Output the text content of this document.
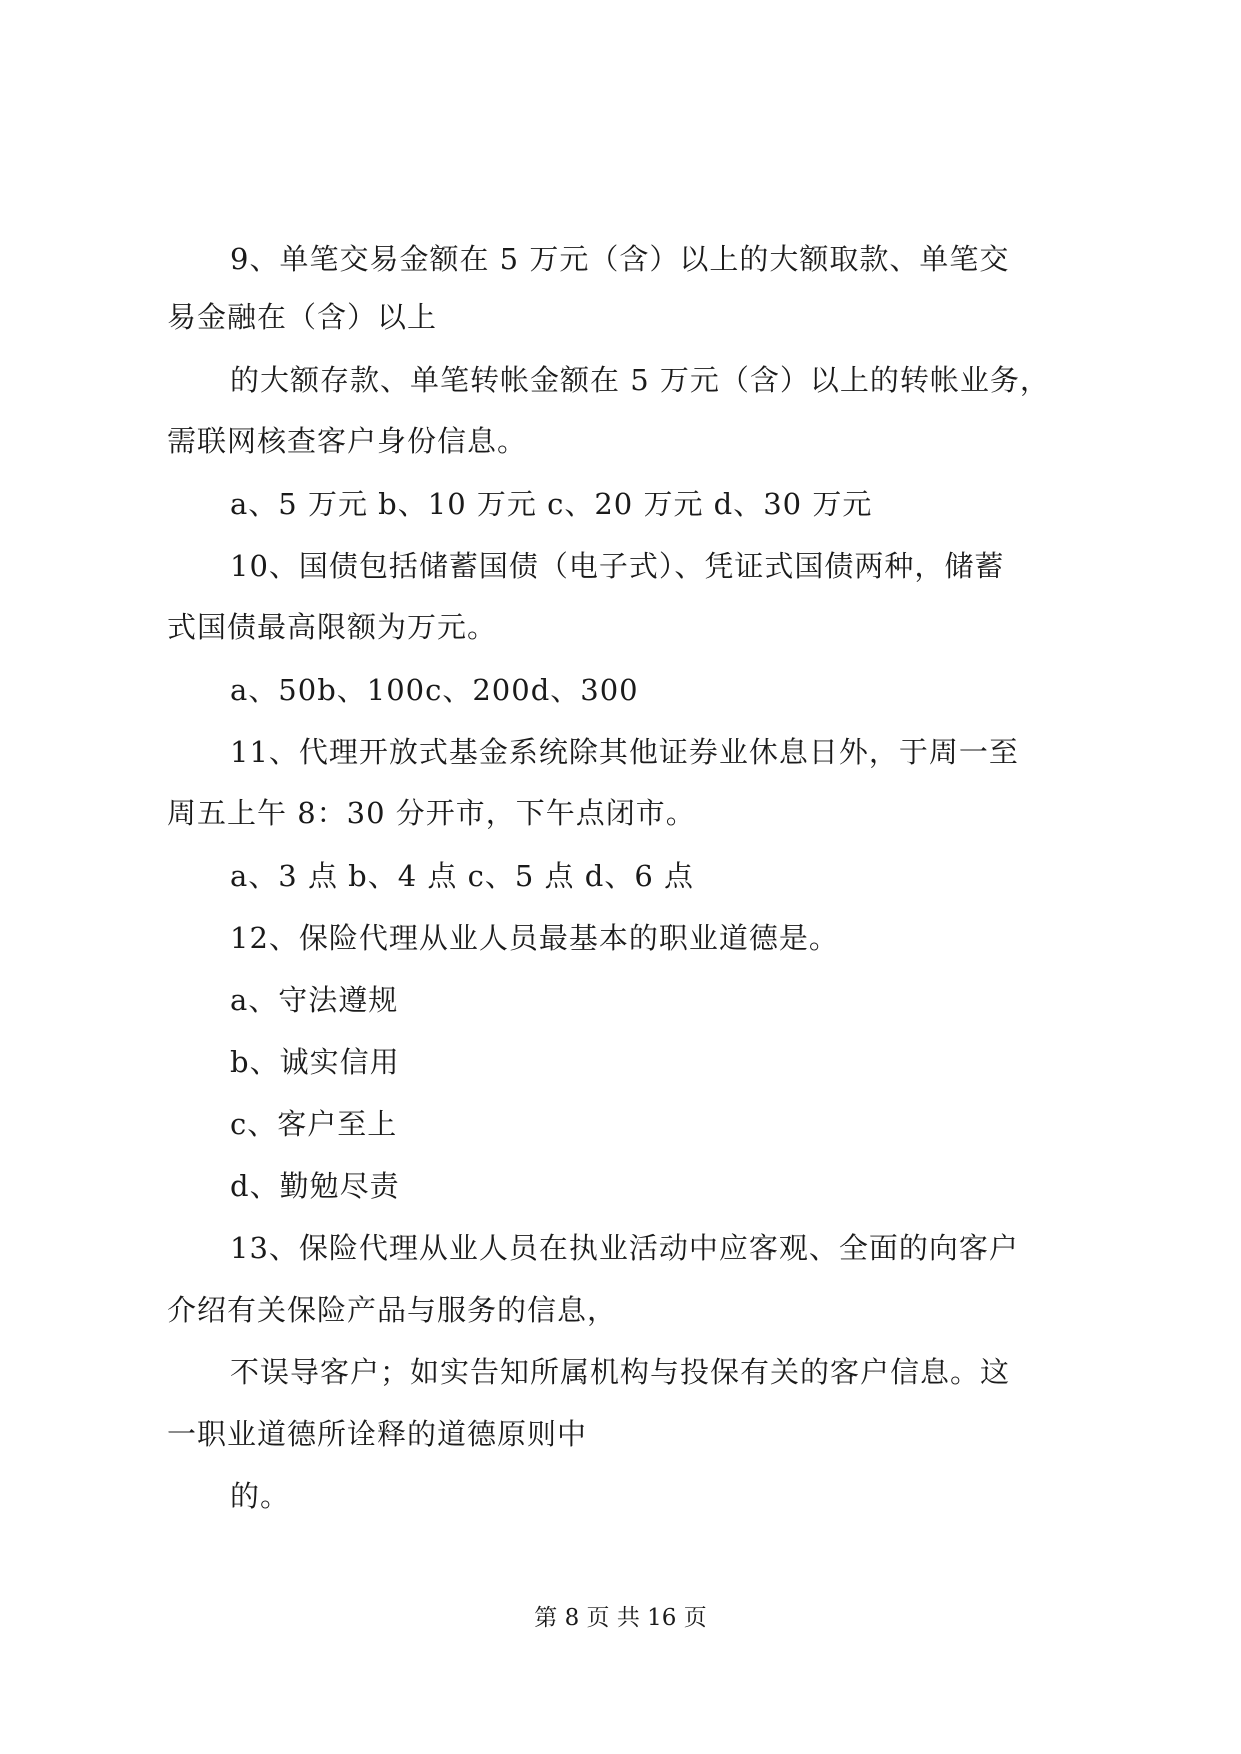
9、单笔交易金额在 5 万元（含）以上的大额取款、单笔交
易金融在（含）以上
的大额存款、单笔转帐金额在 5 万元（含）以上的转帐业务，
需联网核查客户身份信息。
a、5 万元 b、10 万元 c、20 万元 d、30 万元
10、国债包括储蓄国债（电子式）、凭证式国债两种，储蓄
式国债最高限额为万元。
a、50b、100c、200d、300
11、代理开放式基金系统除其他证券业休息日外，于周一至
周五上午 8：30 分开市，下午点闭市。
a、3 点 b、4 点 c、5 点 d、6 点
12、保险代理从业人员最基本的职业道德是。
a、守法遵规
b、诚实信用
c、客户至上
d、勤勉尽责
13、保险代理从业人员在执业活动中应客观、全面的向客户
介绍有关保险产品与服务的信息，
不误导客户；如实告知所属机构与投保有关的客户信息。这
一职业道德所诠释的道德原则中
的。
第 8 页 共 16 页
